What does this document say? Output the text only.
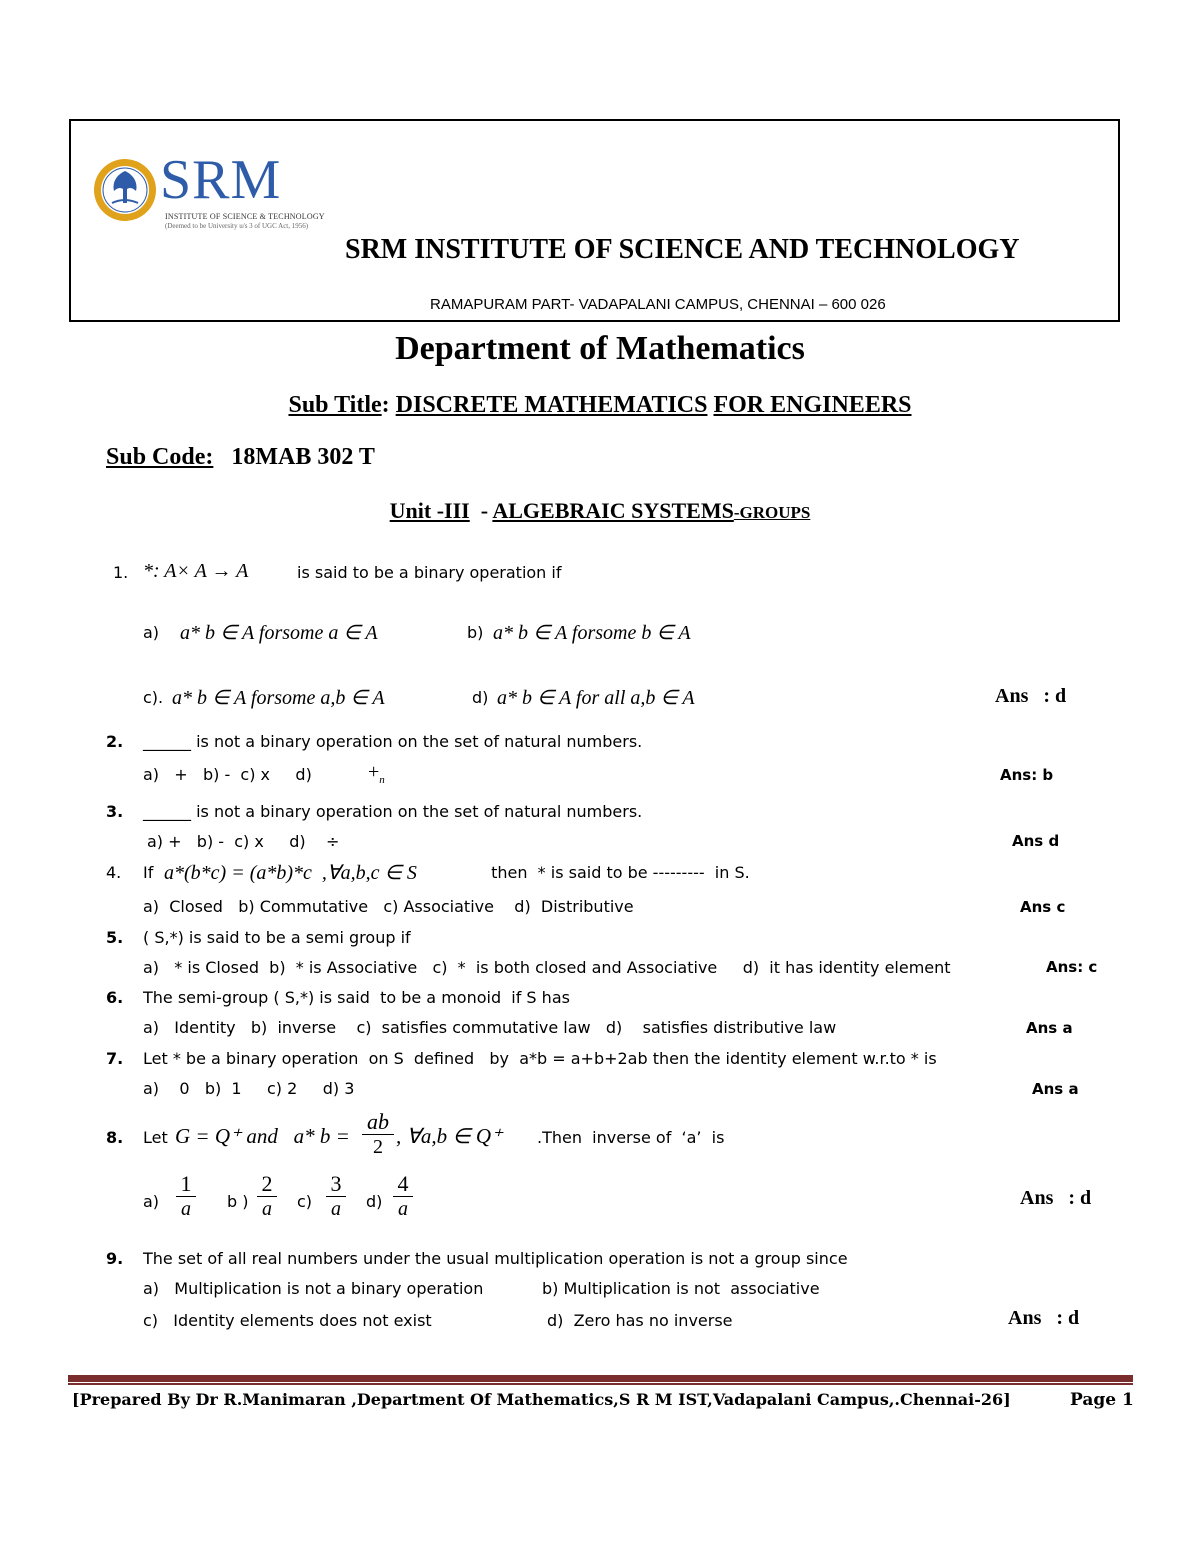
SRM
INSTITUTE OF SCIENCE & TECHNOLOGY
(Deemed to be University u/s 3 of UGC Act, 1956)
SRM INSTITUTE OF SCIENCE AND TECHNOLOGY
RAMAPURAM PART- VADAPALANI CAMPUS, CHENNAI – 600 026
Department of Mathematics
Sub Title: DISCRETE MATHEMATICS FOR ENGINEERS
Sub Code: 18MAB 302 T
Unit -III  - ALGEBRAIC SYSTEMS-GROUPS
1. *: A× A → A	is said to be a binary operation if
a) a* b ∈ A forsome a ∈ A	b) a* b ∈ A forsome b ∈ A
c). a* b ∈ A forsome a,b ∈ A	d) a* b ∈ A for all a,b ∈ A	Ans   : d
2. ______ is not a binary operation on the set of natural numbers.
a)   +   b) -  c) x     d)	$+_n$	Ans: b
3. ______ is not a binary operation on the set of natural numbers.
a) +   b) -  c) x     d)    ÷	Ans d
4. If a*(b*c) = (a*b)*c  ,∀a,b,c ∈ S	then  * is said to be ---------  in S.
a)  Closed   b) Commutative   c) Associative    d)  Distributive	Ans c
5. ( S,*) is said to be a semi group if
a)   * is Closed  b)  * is Associative   c)  *  is both closed and Associative     d)  it has identity element	Ans: c
6. The semi-group ( S,*) is said  to be a monoid  if S has
a)   Identity   b)  inverse    c)  satisfies commutative law   d)    satisfies distributive law	Ans a
7. Let * be a binary operation  on S  defined   by  a*b = a+b+2ab then the identity element w.r.to * is
a)    0   b)  1     c) 2     d) 3	Ans a
8. Let G = Q⁺ and   a* b =
ab
2 , ∀a,b ∈ Q⁺ .Then  inverse of  ‘a’  is
a)
1
a	b )
2
a	c)
3
a	d)
4
a	Ans   : d
9. The set of all real numbers under the usual multiplication operation is not a group since
a)   Multiplication is not a binary operation	b) Multiplication is not  associative
c)   Identity elements does not exist	d)  Zero has no inverse	Ans   : d
[Prepared By Dr R.Manimaran ,Department Of Mathematics,S R M IST,Vadapalani Campus,.Chennai-26]	Page 1
